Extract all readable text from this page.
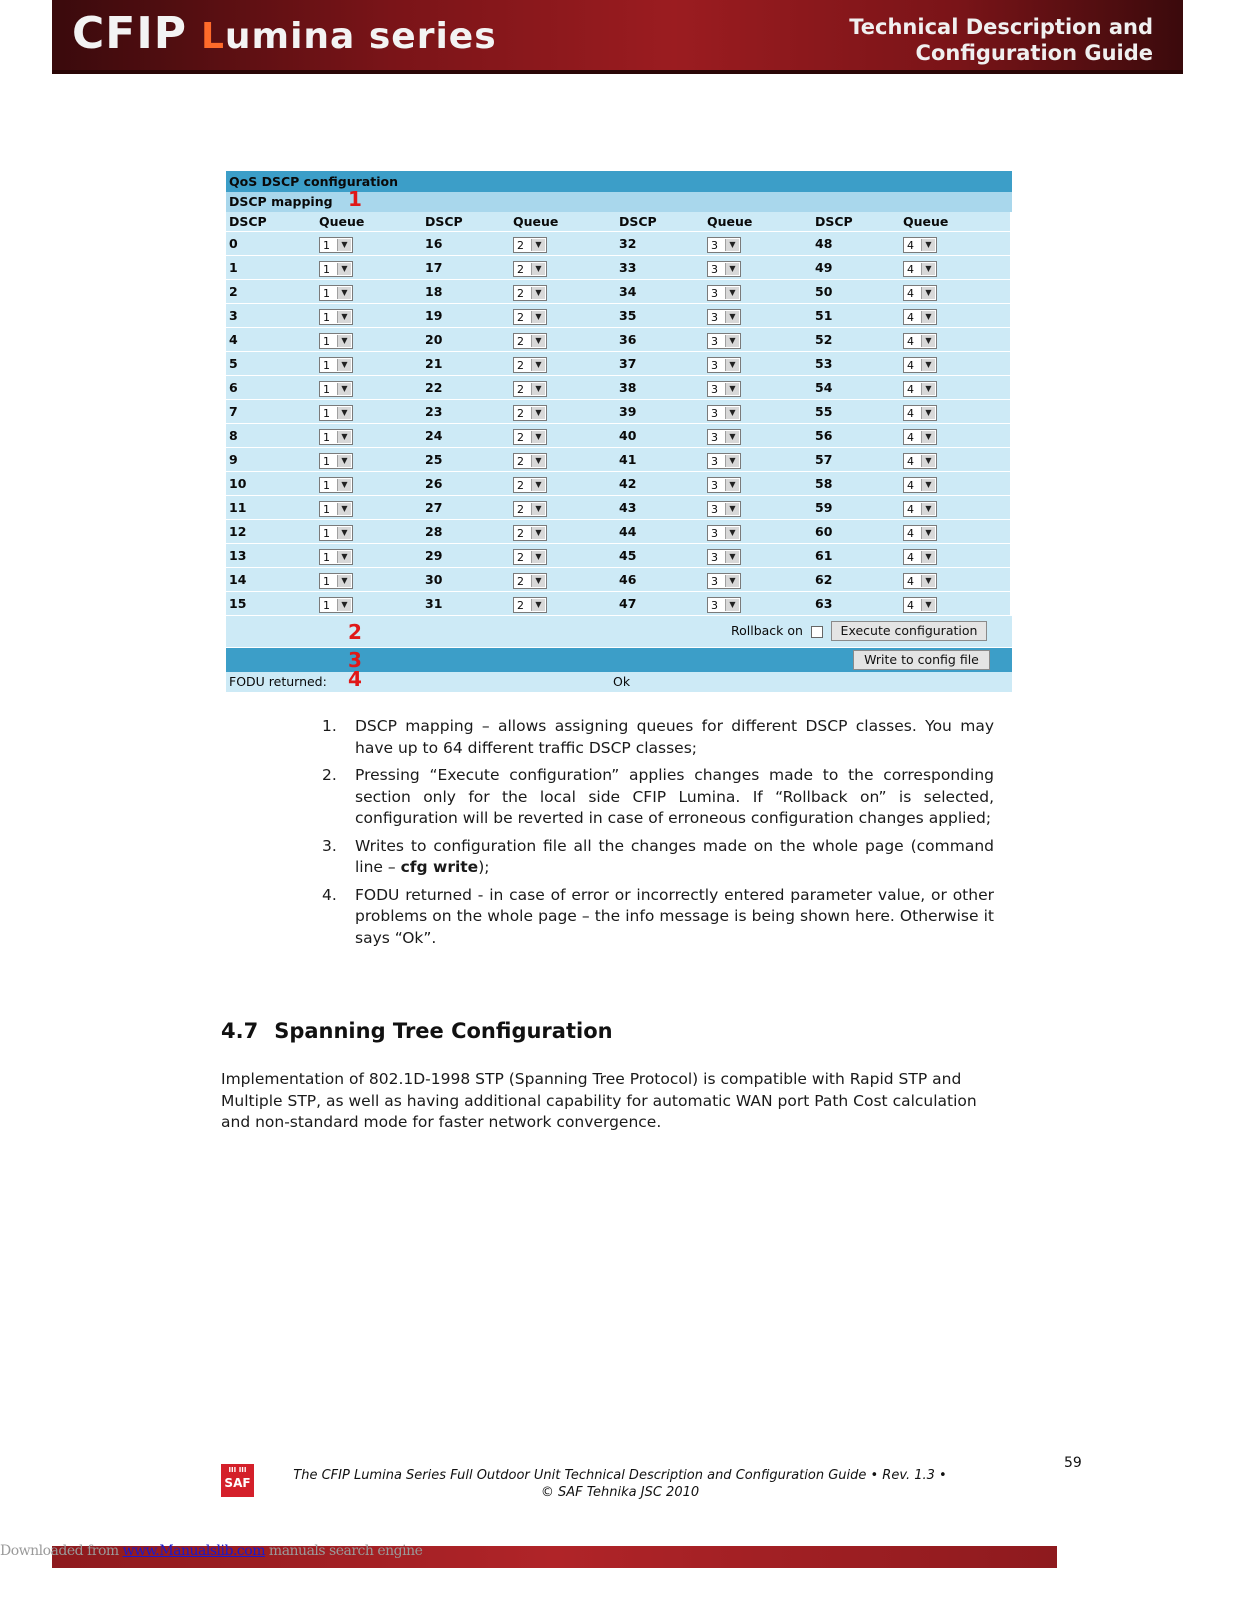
CFIP Lumina series	Technical Description and
Configuration Guide
QoS DSCP configuration
DSCP mapping 1
DSCP	Queue	DSCP	Queue	DSCP	Queue	DSCP	Queue
0	1	▼	16	2	▼	32	3	▼	48	4	▼
1	1	▼	17	2	▼	33	3	▼	49	4	▼
2	1	▼	18	2	▼	34	3	▼	50	4	▼
3	1	▼	19	2	▼	35	3	▼	51	4	▼
4	1	▼	20	2	▼	36	3	▼	52	4	▼
5	1	▼	21	2	▼	37	3	▼	53	4	▼
6	1	▼	22	2	▼	38	3	▼	54	4	▼
7	1	▼	23	2	▼	39	3	▼	55	4	▼
8	1	▼	24	2	▼	40	3	▼	56	4	▼
9	1	▼	25	2	▼	41	3	▼	57	4	▼
10	1	▼	26	2	▼	42	3	▼	58	4	▼
11	1	▼	27	2	▼	43	3	▼	59	4	▼
12	1	▼	28	2	▼	44	3	▼	60	4	▼
13	1	▼	29	2	▼	45	3	▼	61	4	▼
14	1	▼	30	2	▼	46	3	▼	62	4	▼
15	1	▼	31	2	▼	47	3	▼	63	4	▼
2	Rollback on	Execute configuration
3	Write to config file
FODU returned: 4	Ok
1. DSCP mapping – allows assigning queues for different DSCP classes. You may have up to 64 different traffic DSCP classes;
2. Pressing “Execute configuration” applies changes made to the corresponding section only for the local side CFIP Lumina. If “Rollback on” is selected, configuration will be reverted in case of erroneous configuration changes applied;
3. Writes to configuration file all the changes made on the whole page (command line – cfg write);
4. FODU returned - in case of error or incorrectly entered parameter value, or other problems on the whole page – the info message is being shown here. Otherwise it says “Ok”.
4.7 Spanning Tree Configuration
Implementation of 802.1D-1998 STP (Spanning Tree Protocol) is compatible with Rapid STP and Multiple STP, as well as having additional capability for automatic WAN port Path Cost calculation and non-standard mode for faster network convergence.
59
III III
SAF	The CFIP Lumina Series Full Outdoor Unit Technical Description and Configuration Guide • Rev. 1.3 •
© SAF Tehnika JSC 2010
Downloaded from www.Manualslib.com manuals search engine
